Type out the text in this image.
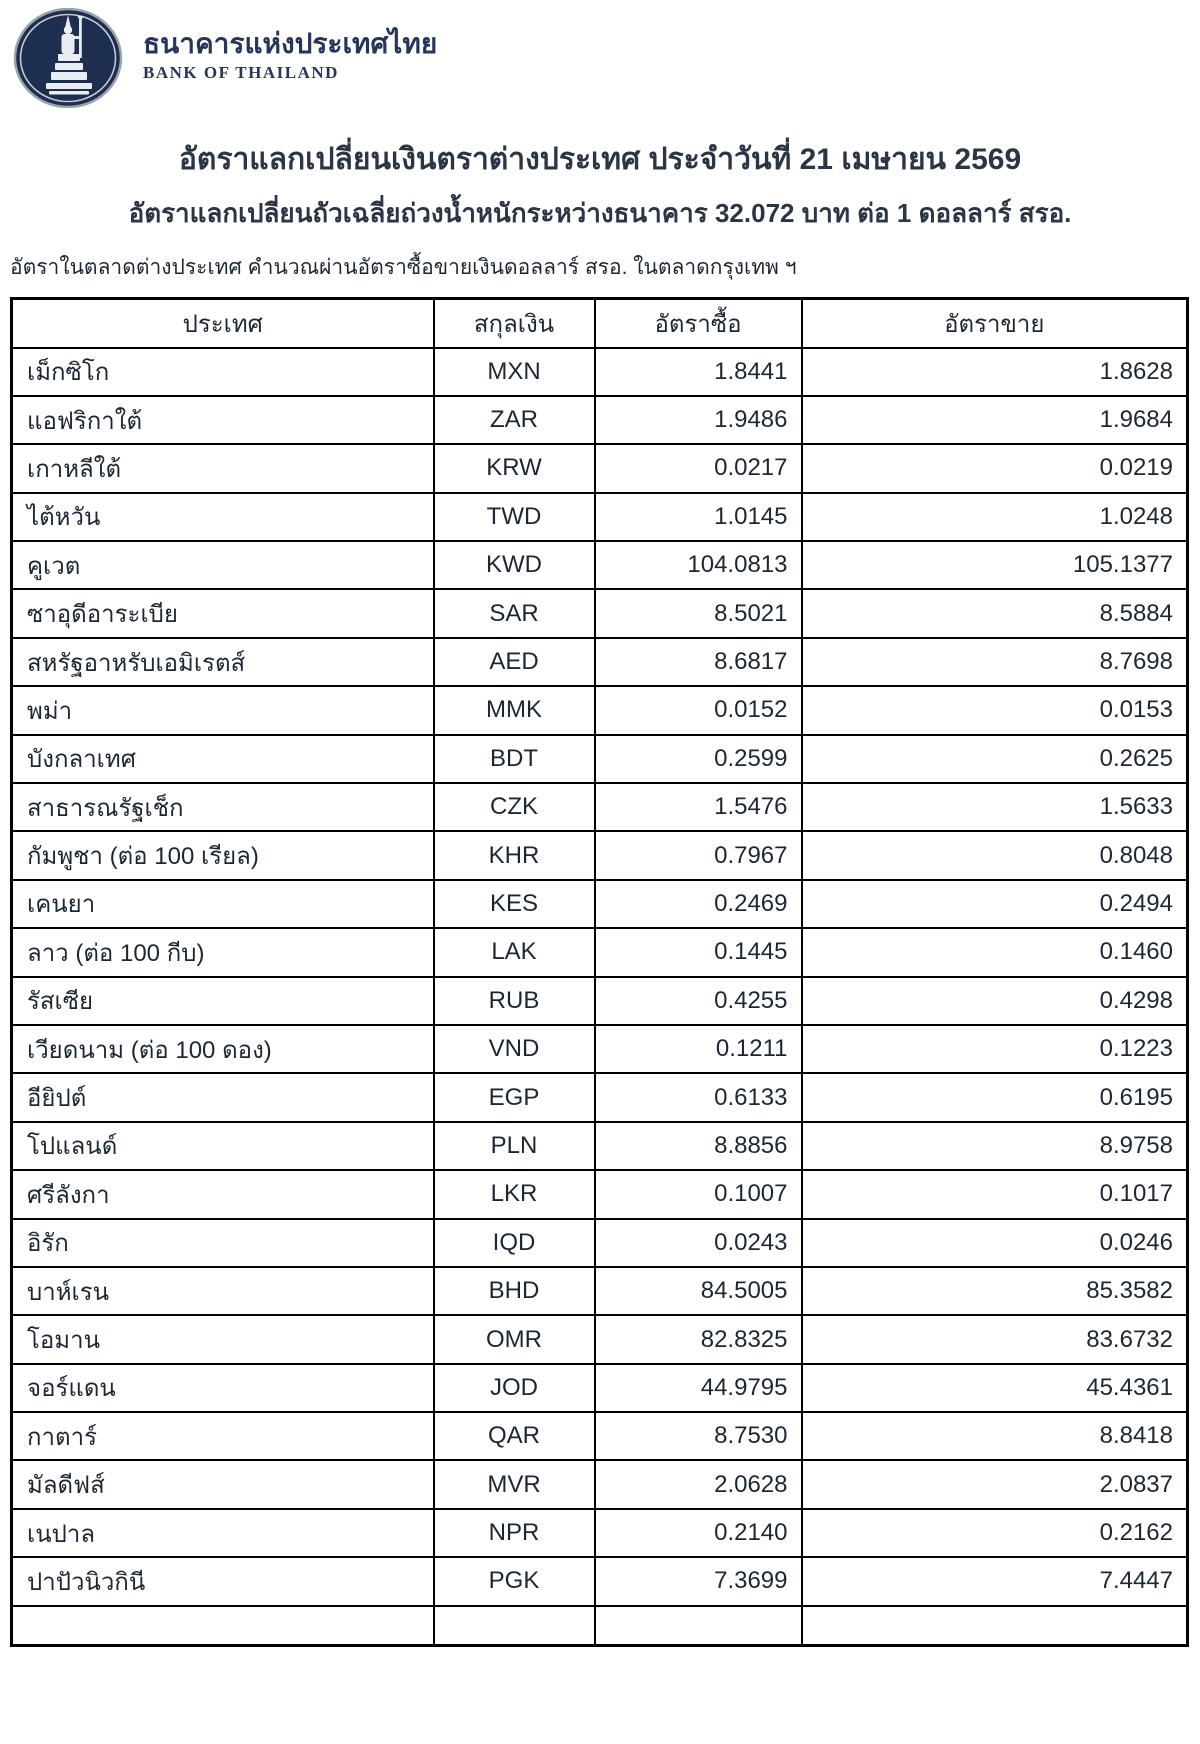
ธนาคารแห่งประเทศไทย
BANK OF THAILAND
อัตราแลกเปลี่ยนเงินตราต่างประเทศ ประจำวันที่ 21 เมษายน 2569
อัตราแลกเปลี่ยนถัวเฉลี่ยถ่วงน้ำหนักระหว่างธนาคาร 32.072 บาท ต่อ 1 ดอลลาร์ สรอ.
อัตราในตลาดต่างประเทศ คำนวณผ่านอัตราซื้อขายเงินดอลลาร์ สรอ. ในตลาดกรุงเทพ ฯ
ประเทศ	สกุลเงิน	อัตราซื้อ	อัตราขาย
เม็กซิโก	MXN	1.8441	1.8628
แอฟริกาใต้	ZAR	1.9486	1.9684
เกาหลีใต้	KRW	0.0217	0.0219
ไต้หวัน	TWD	1.0145	1.0248
คูเวต	KWD	104.0813	105.1377
ซาอุดีอาระเบีย	SAR	8.5021	8.5884
สหรัฐอาหรับเอมิเรตส์	AED	8.6817	8.7698
พม่า	MMK	0.0152	0.0153
บังกลาเทศ	BDT	0.2599	0.2625
สาธารณรัฐเช็ก	CZK	1.5476	1.5633
กัมพูชา (ต่อ 100 เรียล)	KHR	0.7967	0.8048
เคนยา	KES	0.2469	0.2494
ลาว (ต่อ 100 กีบ)	LAK	0.1445	0.1460
รัสเซีย	RUB	0.4255	0.4298
เวียดนาม (ต่อ 100 ดอง)	VND	0.1211	0.1223
อียิปต์	EGP	0.6133	0.6195
โปแลนด์	PLN	8.8856	8.9758
ศรีลังกา	LKR	0.1007	0.1017
อิรัก	IQD	0.0243	0.0246
บาห์เรน	BHD	84.5005	85.3582
โอมาน	OMR	82.8325	83.6732
จอร์แดน	JOD	44.9795	45.4361
กาตาร์	QAR	8.7530	8.8418
มัลดีฟส์	MVR	2.0628	2.0837
เนปาล	NPR	0.2140	0.2162
ปาปัวนิวกินี	PGK	7.3699	7.4447
